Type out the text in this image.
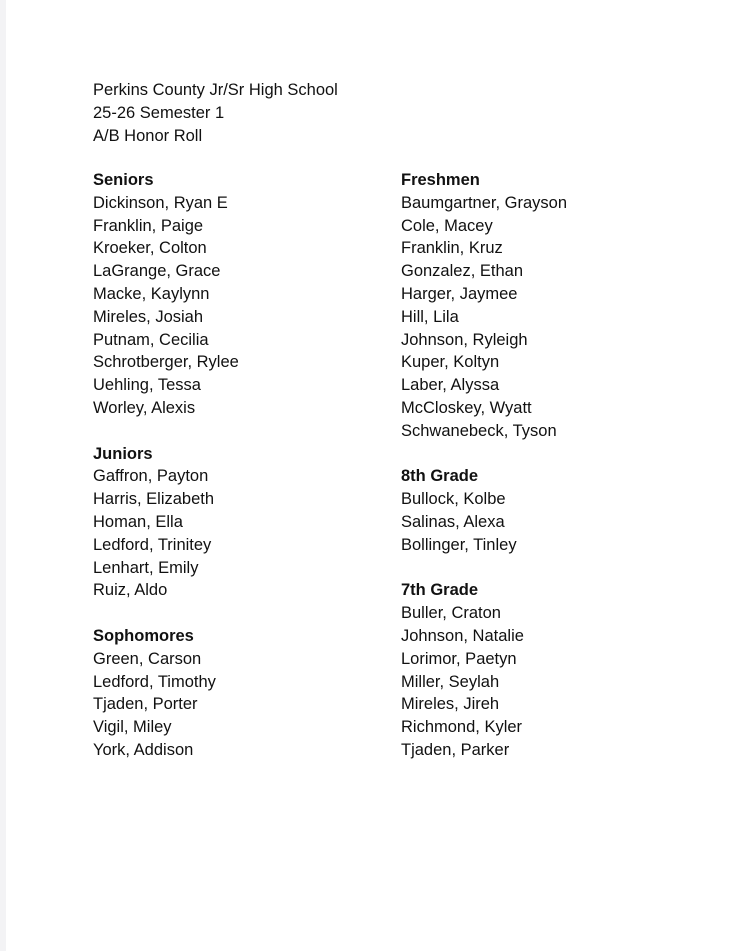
Perkins County Jr/Sr High School
25-26 Semester 1
A/B Honor Roll
Seniors
Dickinson, Ryan E
Franklin, Paige
Kroeker, Colton
LaGrange, Grace
Macke, Kaylynn
Mireles, Josiah
Putnam, Cecilia
Schrotberger, Rylee
Uehling, Tessa
Worley, Alexis
Juniors
Gaffron, Payton
Harris, Elizabeth
Homan, Ella
Ledford, Trinitey
Lenhart, Emily
Ruiz, Aldo
Sophomores
Green, Carson
Ledford, Timothy
Tjaden, Porter
Vigil, Miley
York, Addison
Freshmen
Baumgartner, Grayson
Cole, Macey
Franklin, Kruz
Gonzalez, Ethan
Harger, Jaymee
Hill, Lila
Johnson, Ryleigh
Kuper, Koltyn
Laber, Alyssa
McCloskey, Wyatt
Schwanebeck, Tyson
8th Grade
Bullock, Kolbe
Salinas, Alexa
Bollinger, Tinley
7th Grade
Buller, Craton
Johnson, Natalie
Lorimor, Paetyn
Miller, Seylah
Mireles, Jireh
Richmond, Kyler
Tjaden, Parker
